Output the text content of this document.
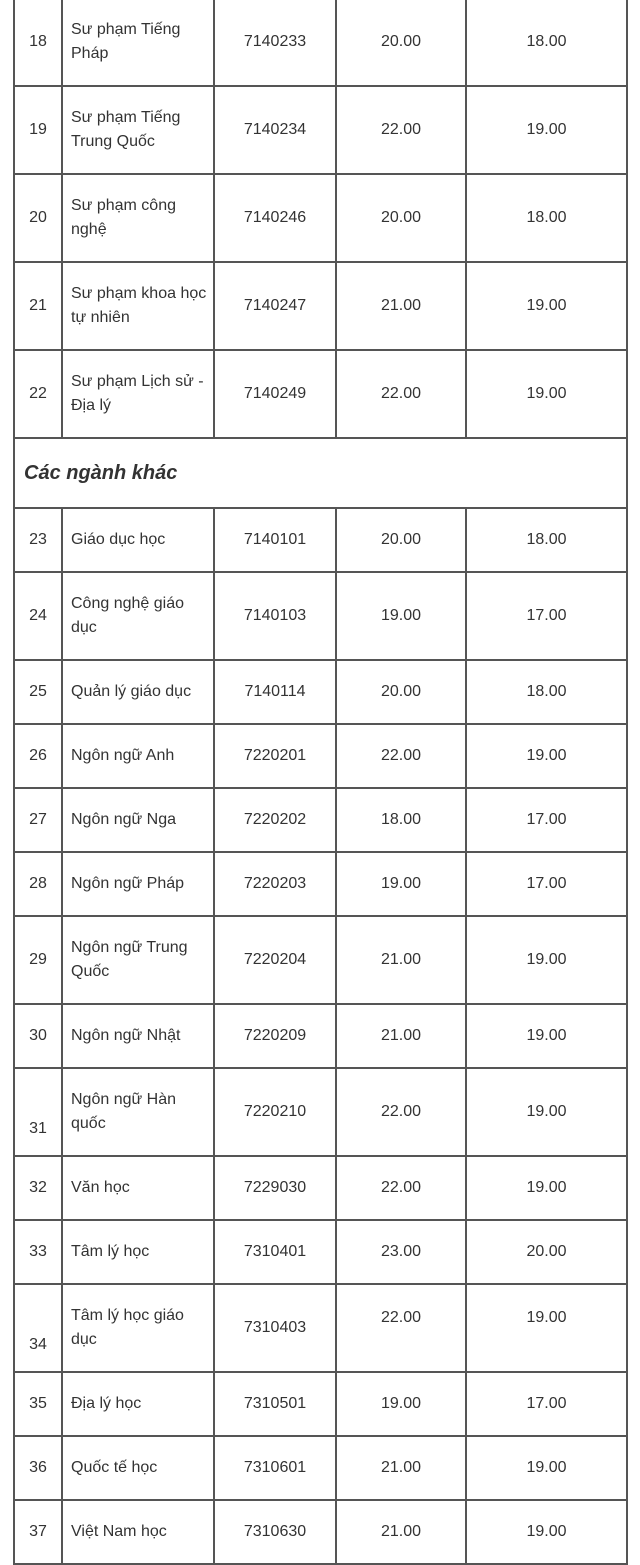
18	Sư phạm Tiếng Pháp	7140233	20.00	18.00
19	Sư phạm Tiếng Trung Quốc	7140234	22.00	19.00
20	Sư phạm công nghệ	7140246	20.00	18.00
21	Sư phạm khoa học tự nhiên	7140247	21.00	19.00
22	Sư phạm Lịch sử - Địa lý	7140249	22.00	19.00
Các ngành khác				
23	Giáo dục học	7140101	20.00	18.00
24	Công nghệ giáo dục	7140103	19.00	17.00
25	Quản lý giáo dục	7140114	20.00	18.00
26	Ngôn ngữ Anh	7220201	22.00	19.00
27	Ngôn ngữ Nga	7220202	18.00	17.00
28	Ngôn ngữ Pháp	7220203	19.00	17.00
29	Ngôn ngữ Trung Quốc	7220204	21.00	19.00
30	Ngôn ngữ Nhật	7220209	21.00	19.00
31	Ngôn ngữ Hàn quốc	7220210	22.00	19.00
32	Văn học	7229030	22.00	19.00
33	Tâm lý học	7310401	23.00	20.00
34	Tâm lý học giáo dục	7310403	22.00	19.00
35	Địa lý học	7310501	19.00	17.00
36	Quốc tế học	7310601	21.00	19.00
37	Việt Nam học	7310630	21.00	19.00
